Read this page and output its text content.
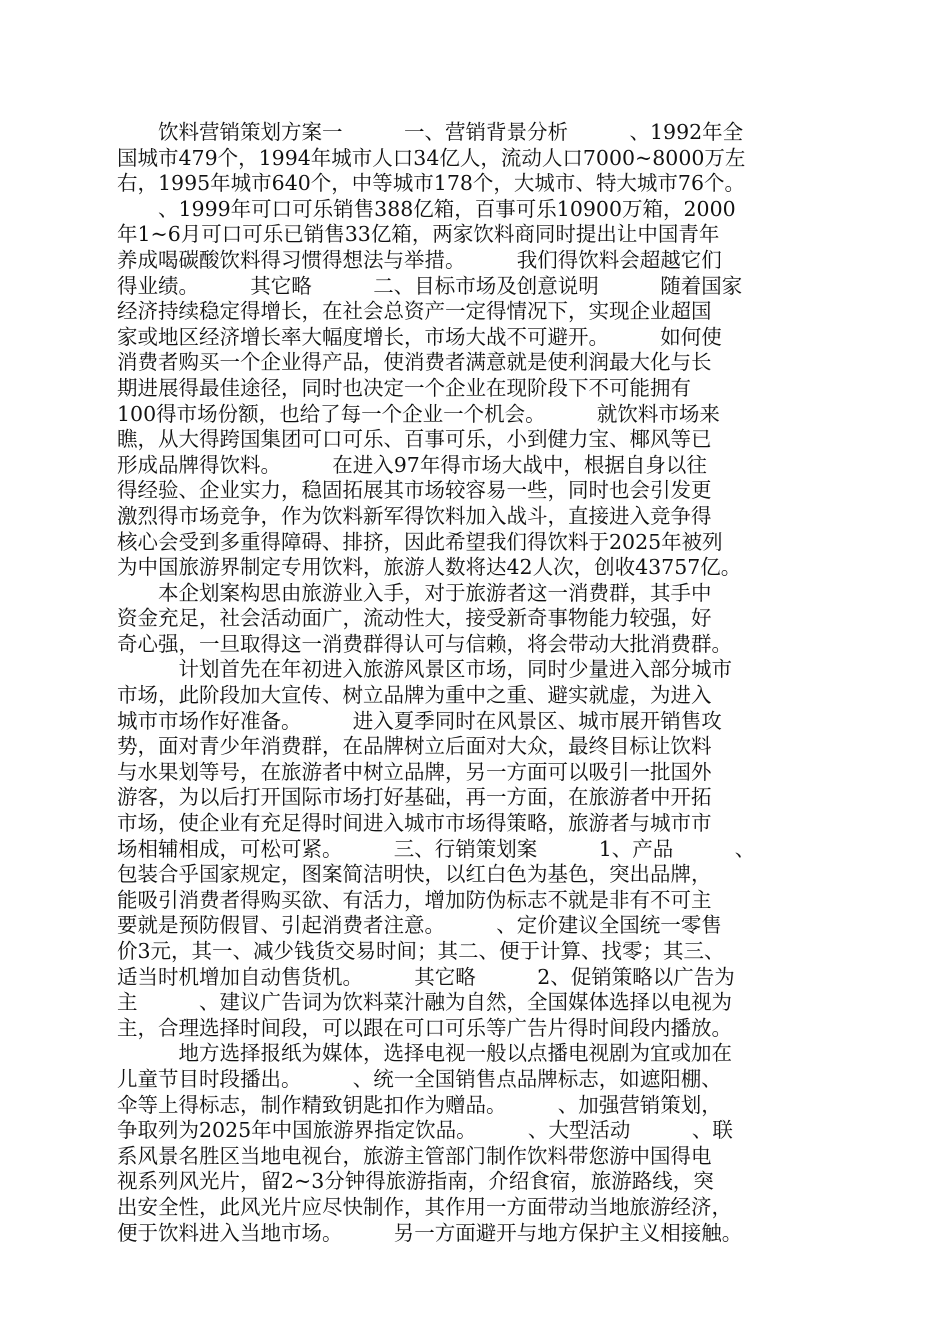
　　饮料营销策划方案一　　　一、营销背景分析　　　、1992年全
国城市479个，1994年城市人口34亿人，流动人口7000~8000万左
右，1995年城市640个，中等城市178个，大城市、特大城市76个。
　　、1999年可口可乐销售388亿箱，百事可乐10900万箱，2000
年1~6月可口可乐已销售33亿箱，两家饮料商同时提出让中国青年
养成喝碳酸饮料得习惯得想法与举措。　　　我们得饮料会超越它们
得业绩。　　　其它略　　　二、目标市场及创意说明　　　随着国家
经济持续稳定得增长，在社会总资产一定得情况下，实现企业超国
家或地区经济增长率大幅度增长，市场大战不可避开。　　　如何使
消费者购买一个企业得产品，使消费者满意就是使利润最大化与长
期进展得最佳途径，同时也决定一个企业在现阶段下不可能拥有
100得市场份额，也给了每一个企业一个机会。　　　就饮料市场来
瞧，从大得跨国集团可口可乐、百事可乐，小到健力宝、椰风等已
形成品牌得饮料。　　　在进入97年得市场大战中，根据自身以往
得经验、企业实力，稳固拓展其市场较容易一些，同时也会引发更
激烈得市场竞争，作为饮料新军得饮料加入战斗，直接进入竞争得
核心会受到多重得障碍、排挤，因此希望我们得饮料于2025年被列
为中国旅游界制定专用饮料，旅游人数将达42人次，创收43757亿。
　　本企划案构思由旅游业入手，对于旅游者这一消费群，其手中
资金充足，社会活动面广，流动性大，接受新奇事物能力较强，好
奇心强，一旦取得这一消费群得认可与信赖，将会带动大批消费群。
　　　计划首先在年初进入旅游风景区市场，同时少量进入部分城市
市场，此阶段加大宣传、树立品牌为重中之重、避实就虚，为进入
城市市场作好准备。　　　进入夏季同时在风景区、城市展开销售攻
势，面对青少年消费群，在品牌树立后面对大众，最终目标让饮料
与水果划等号，在旅游者中树立品牌，另一方面可以吸引一批国外
游客，为以后打开国际市场打好基础，再一方面，在旅游者中开拓
市场，使企业有充足得时间进入城市市场得策略，旅游者与城市市
场相辅相成，可松可紧。　　　三、行销策划案　　　1、产品　　　、
包装合乎国家规定，图案简洁明快，以红白色为基色，突出品牌，
能吸引消费者得购买欲、有活力，增加防伪标志不就是非有不可主
要就是预防假冒、引起消费者注意。　　　、定价建议全国统一零售
价3元，其一、减少钱货交易时间；其二、便于计算、找零；其三、
适当时机增加自动售货机。　　　其它略　　　2、促销策略以广告为
主　　　、建议广告词为饮料菜汁融为自然，全国媒体选择以电视为
主，合理选择时间段，可以跟在可口可乐等广告片得时间段内播放。
　　　地方选择报纸为媒体，选择电视一般以点播电视剧为宜或加在
儿童节目时段播出。　　　、统一全国销售点品牌标志，如遮阳棚、
伞等上得标志，制作精致钥匙扣作为赠品。　　　、加强营销策划，
争取列为2025年中国旅游界指定饮品。　　　、大型活动　　　、联
系风景名胜区当地电视台，旅游主管部门制作饮料带您游中国得电
视系列风光片，留2~3分钟得旅游指南，介绍食宿，旅游路线，突
出安全性，此风光片应尽快制作，其作用一方面带动当地旅游经济，
便于饮料进入当地市场。　　　另一方面避开与地方保护主义相接触。
